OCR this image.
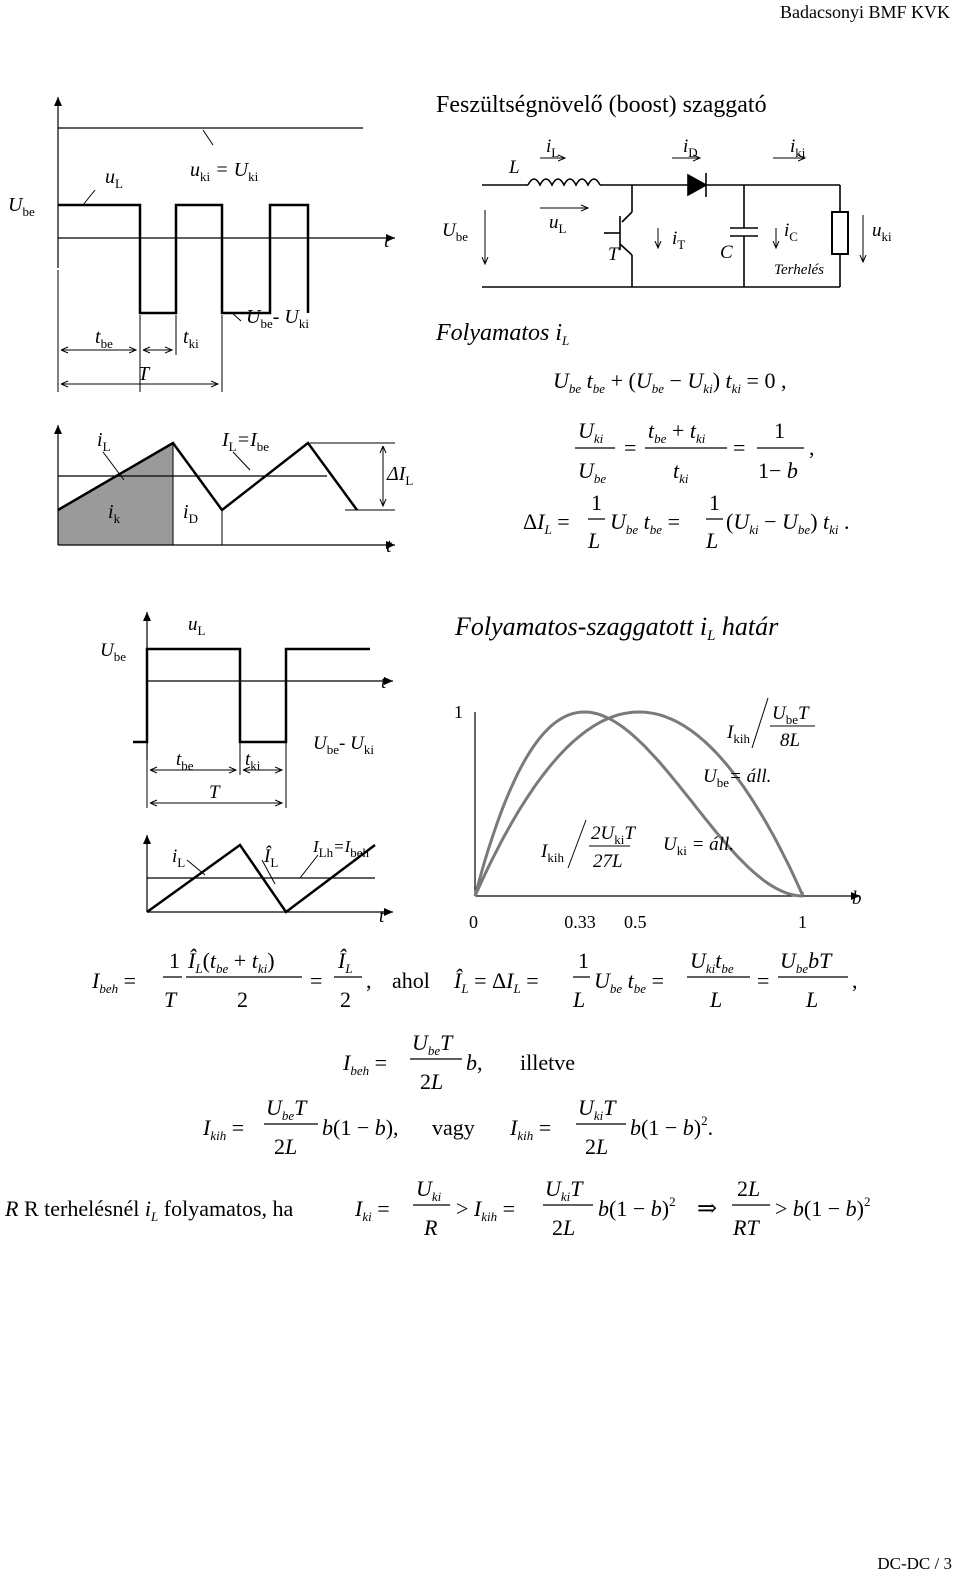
Badacsonyi BMF KVK
$U_{be}$
$u_L$
$u_{ki} = U_{ki}$
t
$U_{be}-$ $U_{ki}$
$t_{be}$	$t_{ki}$
T
$i_L$	$I_L=I_{be}$
$\Delta I_L$
$i_k$	$i_D$
t
Feszültségnövelő (boost) szaggató
$U_{be}$
$i_L$
L
$u_L$
$i_D$	$i_{ki}$
T
$i_T$ C
$i_C$
Terhelés
$u_{ki}$
Folyamatos $i_L$
$U_{be}$ $t_{be} + (U_{be} - U_{ki}) t_{ki} = 0$ ,
$U_{ki}$
$U_{be}$
=
$t_{be} + t_{ki}$
$t_{ki}$
=
1
1− b
,
$\Delta I_L$ =
1
L
$U_{be}$ $t_{be}$ =
1
L
$(U_{ki} - U_{be})$ $t_{ki}$ .
$U_{be}$
$u_L$
t
$U_{be}-$ $U_{ki}$
$t_{be}$	$t_{ki}$
T
$i_L$	$Î_L$
$I_{Lh}=I_{beh}$
t
Folyamatos-szaggatott iL határ
0	0.33 0.5	1
1
$I_{kih}$
$U_{be}T$
8L
$U_{be}=$ áll.
$I_{kih}$
$2U_{ki}T$
27L
$U_{ki}$ = áll.
b
$I_{beh}$ =
1
T
$Î_L(t_{be} + t_{ki})$
2
=
$Î_L$
2
, ahol $Î_L = \Delta I_L$ =
1
L
$U_{be}$ $t_{be}$ =
$U_{ki}t_{be}$
L
=
$U_{be}bT$
L
,
$I_{beh}$ =
$U_{be}T$
2L
b, illetve
$I_{kih}$ =
$U_{be}T$
2L
b(1 − b), vagy $I_{kih}$ =
$U_{ki}T$
2L
$b(1 - b)^2$.
R R terhelésnél $i_L$ folyamatos, ha	$I_{ki}$ =
$U_{ki}$
R
> $I_{kih}$ =
$U_{ki}T$
2L
$b(1 - b)^2$ ⇒
2L
RT
> $b(1 - b)^2$
DC-DC / 3
